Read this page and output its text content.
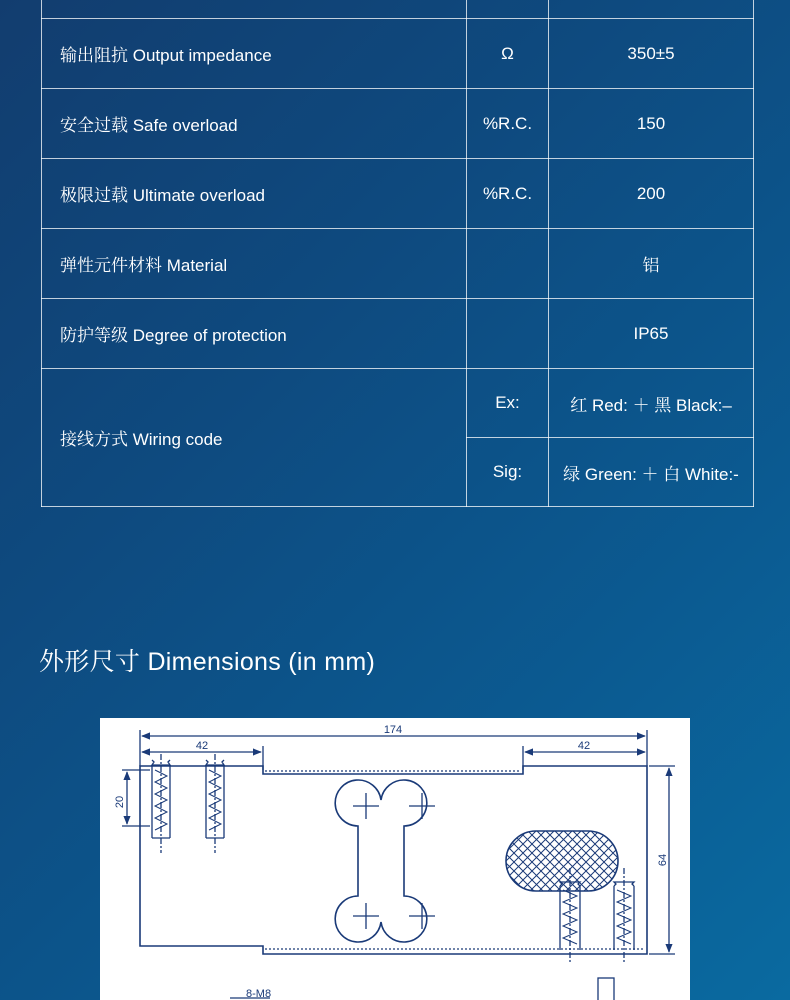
输出阻抗 Output impedance	Ω	350±5
安全过载 Safe overload	%R.C.	150
极限过载 Ultimate overload	%R.C.	200
弹性元件材料 Material		铝
防护等级 Degree of protection		IP65
接线方式 Wiring code	Ex:	红 Red: ＋ 黑 Black:–
	Sig:	绿 Green: ＋ 白 White:-
外形尺寸 Dimensions (in mm)
174
42	42
20
64
8-M8
